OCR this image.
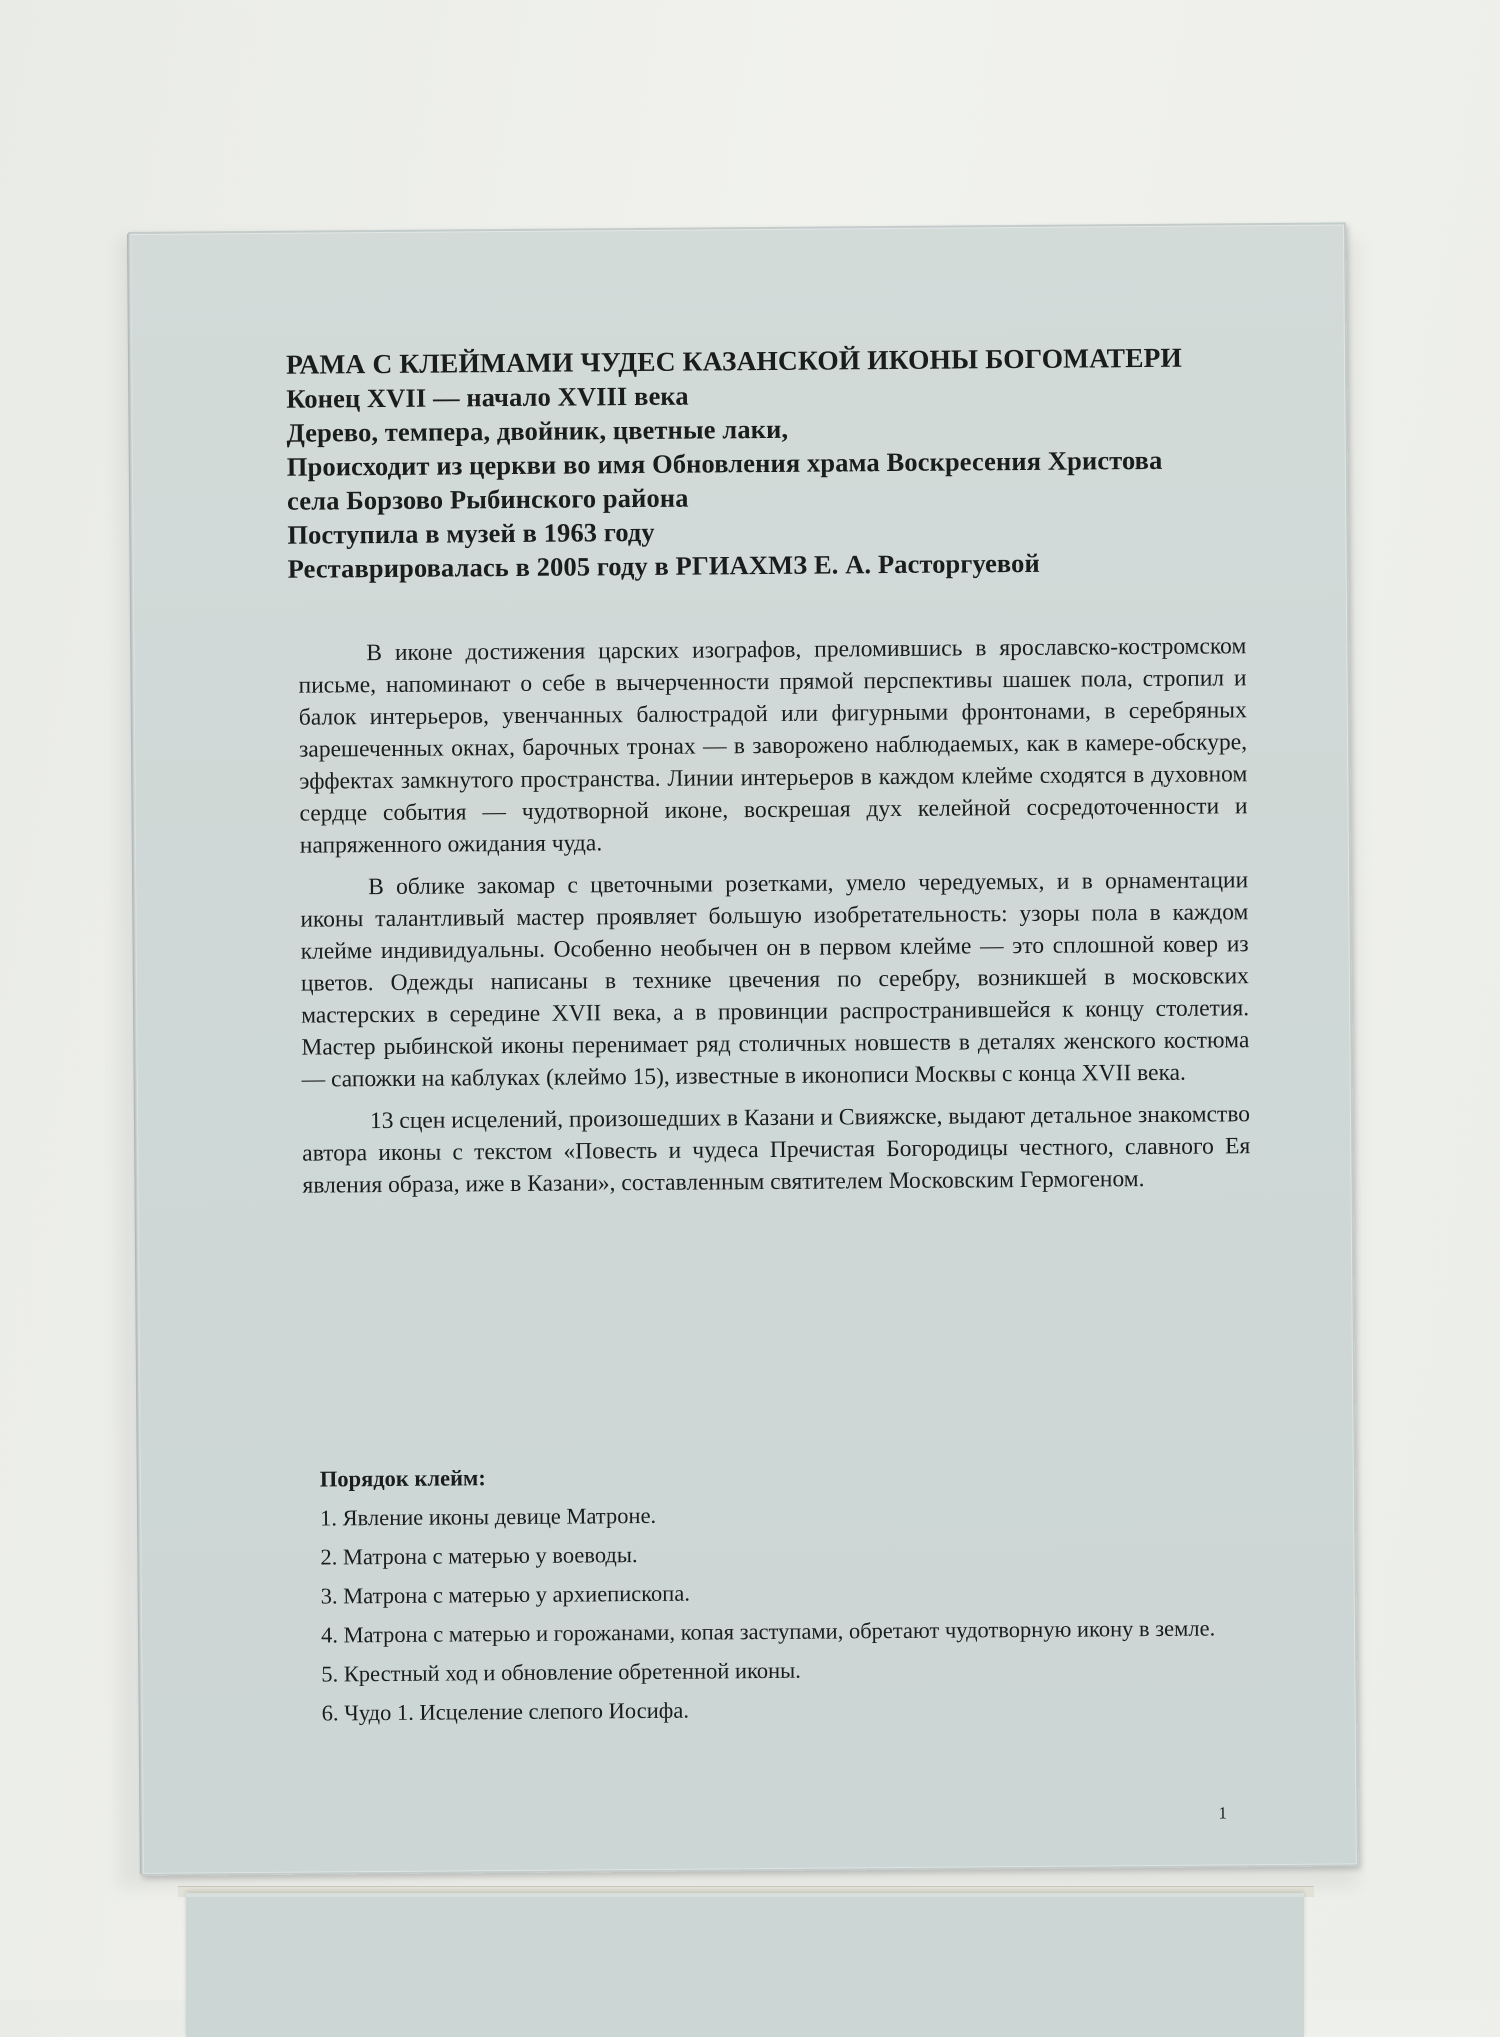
РАМА С КЛЕЙМАМИ ЧУДЕС КАЗАНСКОЙ ИКОНЫ БОГОМАТЕРИ
Конец XVII — начало XVIII века
Дерево, темпера, двойник, цветные лаки,
Происходит из церкви во имя Обновления храма Воскресения Христова
села Борзово Рыбинского района
Поступила в музей в 1963 году
Реставрировалась в 2005 году в РГИАХМЗ Е. А. Расторгуевой

В иконе достижения царских изографов, преломившись в ярославско-костромском письме, напоминают о себе в вычерченности прямой перспективы шашек пола, стропил и балок интерьеров, увенчанных балюстрадой или фигурными фронтонами, в серебряных зарешеченных окнах, барочных тронах — в заворожено наблюдаемых, как в камере-обскуре, эффектах замкнутого пространства. Линии интерьеров в каждом клейме сходятся в духовном сердце события — чудотворной иконе, воскрешая дух келейной сосредоточенности и напряженного ожидания чуда.

В облике закомар с цветочными розетками, умело чередуемых, и в орнаментации иконы талантливый мастер проявляет большую изобретательность: узоры пола в каждом клейме индивидуальны. Особенно необычен он в первом клейме — это сплошной ковер из цветов. Одежды написаны в технике цвечения по серебру, возникшей в московских мастерских в середине XVII века, а в провинции распространившейся к концу столетия. Мастер рыбинской иконы перенимает ряд столичных новшеств в деталях женского костюма — сапожки на каблуках (клеймо 15), известные в иконописи Москвы с конца XVII века.

13 сцен исцелений, произошедших в Казани и Свияжске, выдают детальное знакомство автора иконы с текстом «Повесть и чудеса Пречистая Богородицы честного, славного Ея явления образа, иже в Казани», составленным святителем Московским Гермогеном.

Порядок клейм:
1. Явление иконы девице Матроне.
2. Матрона с матерью у воеводы.
3. Матрона с матерью у архиепископа.
4. Матрона с матерью и горожанами, копая заступами, обретают чудотворную икону в земле.
5. Крестный ход и обновление обретенной иконы.
6. Чудо 1. Исцеление слепого Иосифа.
1
